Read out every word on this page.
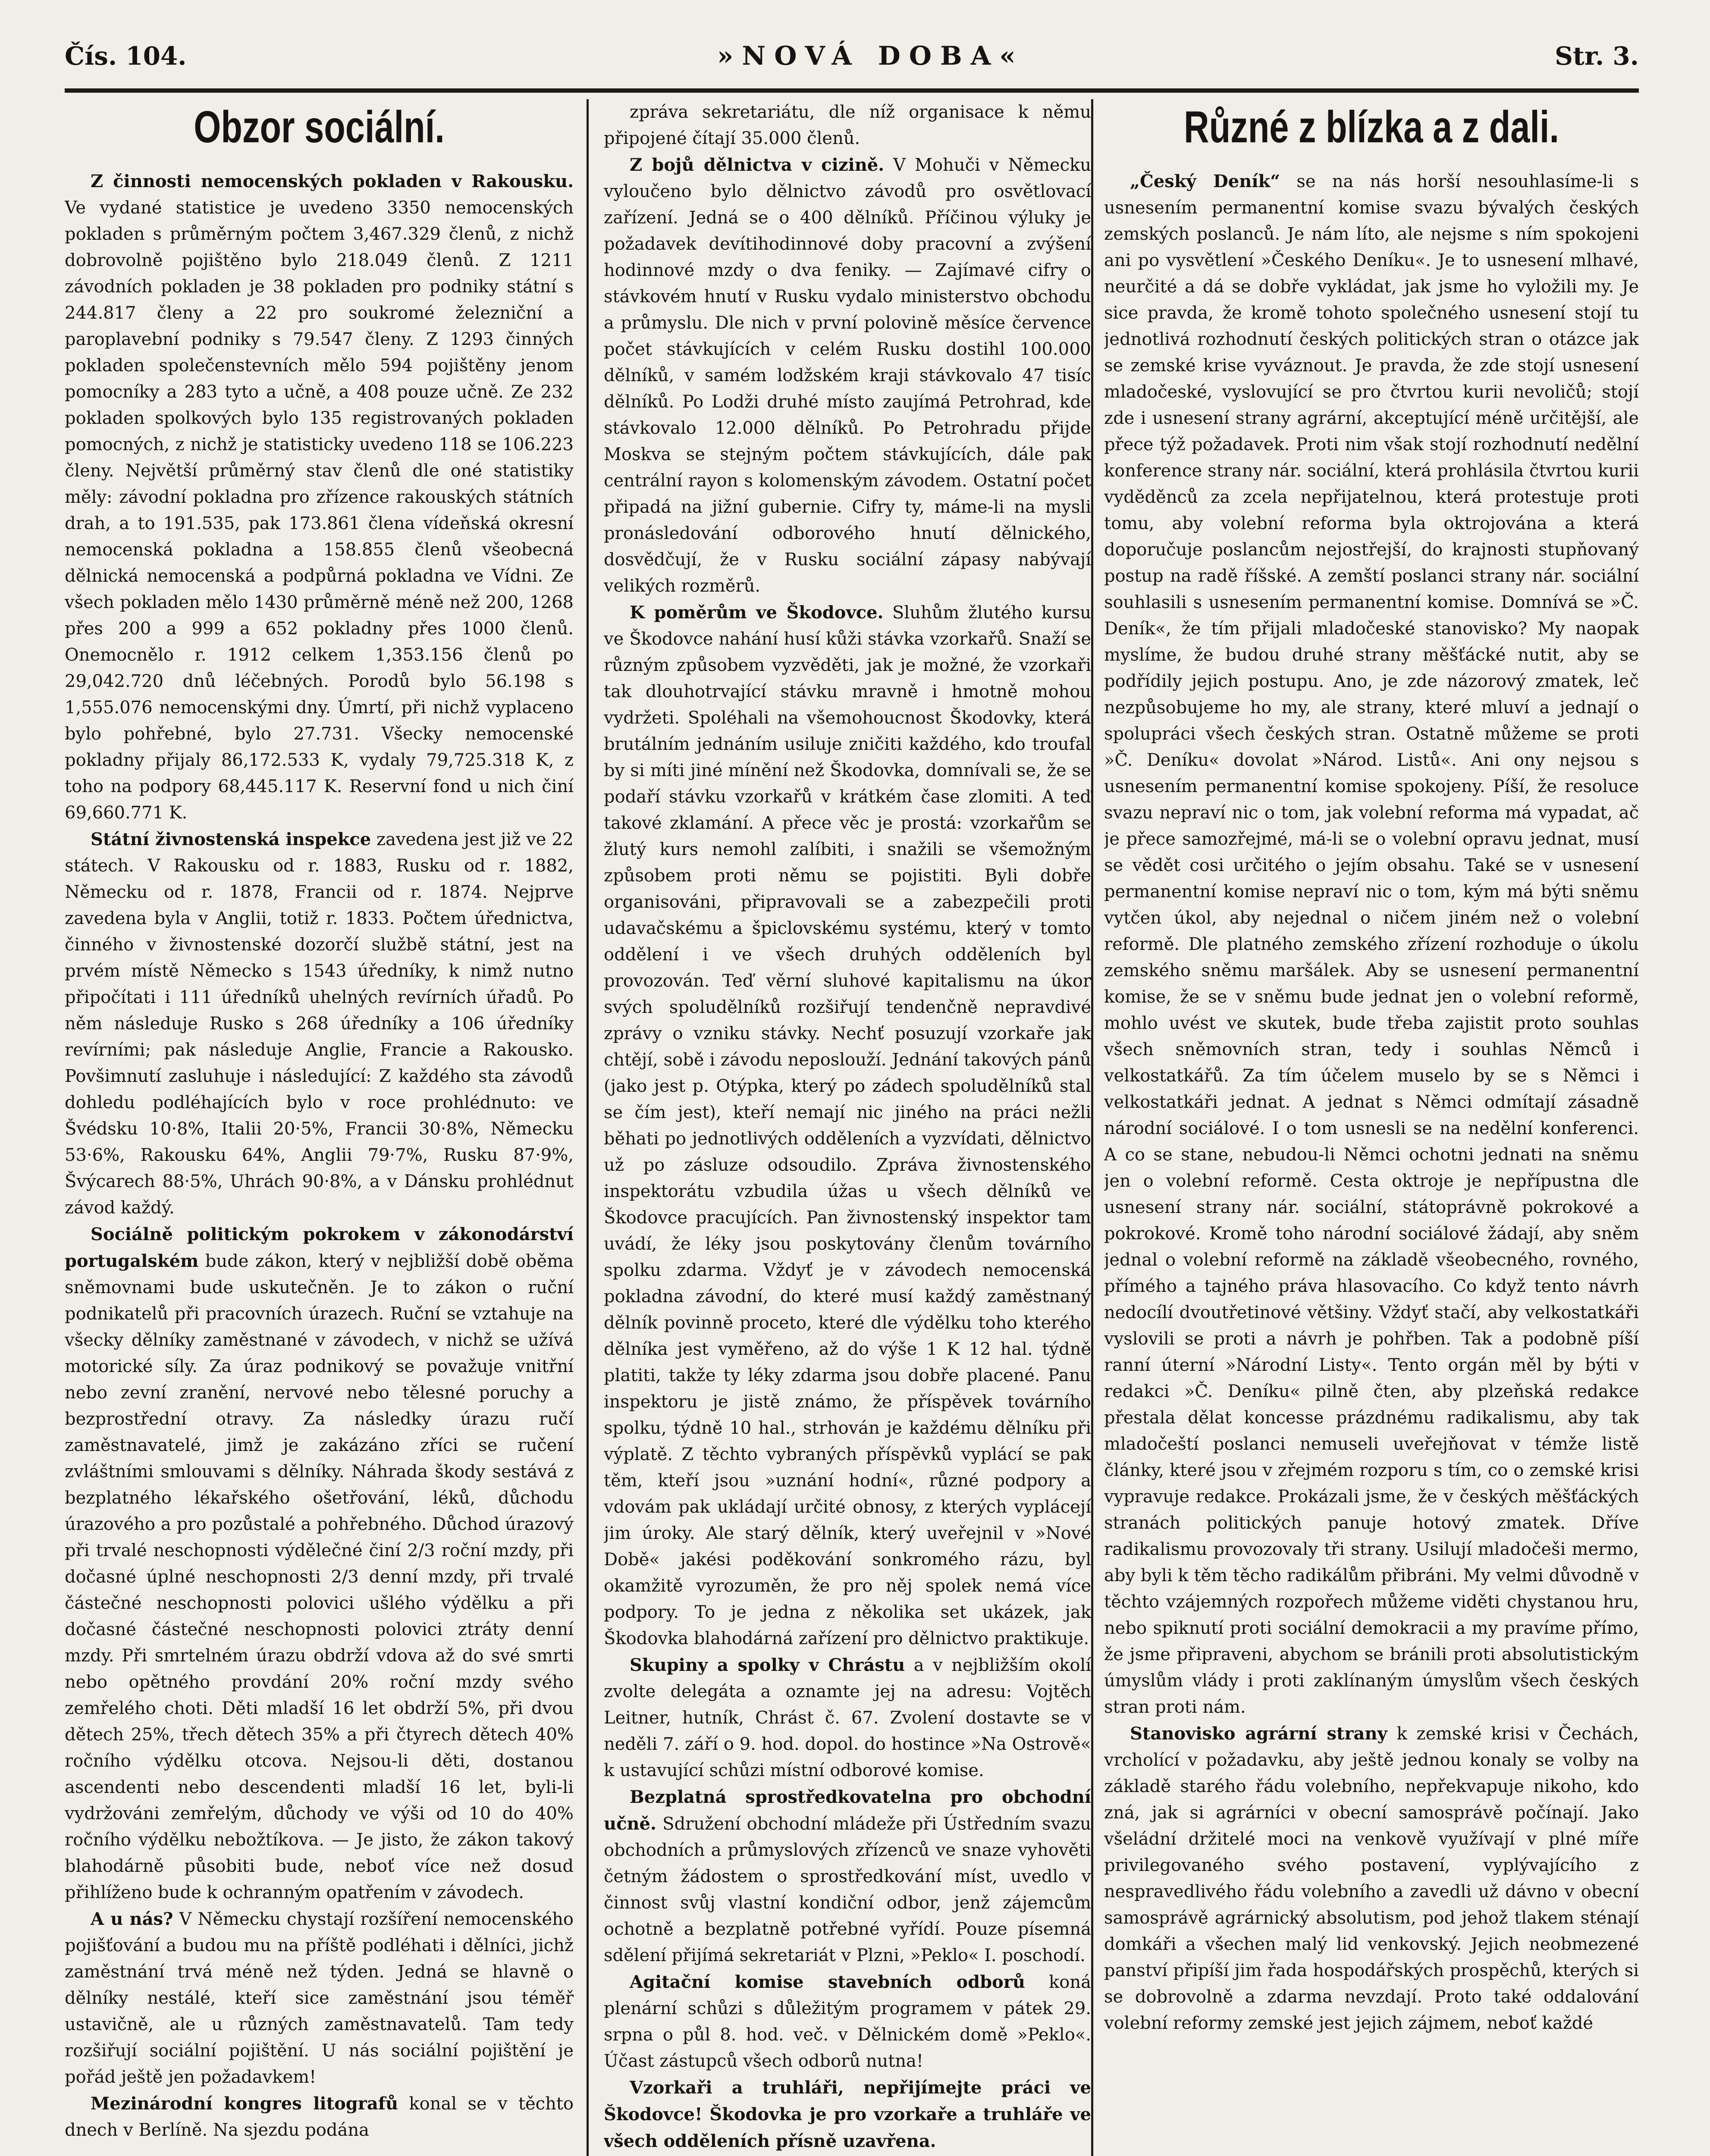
Čís. 104.	»NOVÁ DOBA«	Str. 3.
Obzor sociální.

Z činnosti nemocenských pokladen v Rakousku. Ve vydané statistice je uvedeno 3350 nemocenských pokladen s průměrným počtem 3,467.329 členů, z nichž dobrovolně pojištěno bylo 218.049 členů. Z 1211 závodních pokladen je 38 pokladen pro podniky státní s 244.817 členy a 22 pro soukromé železniční a paroplavební podniky s 79.547 členy. Z 1293 činných pokladen společenstevních mělo 594 pojištěny jenom pomocníky a 283 tyto a učně, a 408 pouze učně. Ze 232 pokladen spolkových bylo 135 registrovaných pokladen pomocných, z nichž je statisticky uvedeno 118 se 106.223 členy. Největší průměrný stav členů dle oné statistiky měly: závodní pokladna pro zřízence rakouských státních drah, a to 191.535, pak 173.861 člena vídeňská okresní nemocenská pokladna a 158.855 členů všeobecná dělnická nemocenská a podpůrná pokladna ve Vídni. Ze všech pokladen mělo 1430 průměrně méně než 200, 1268 přes 200 a 999 a 652 pokladny přes 1000 členů. Onemocnělo r. 1912 celkem 1,353.156 členů po 29,042.720 dnů léčebných. Porodů bylo 56.198 s 1,555.076 nemocenskými dny. Úmrtí, při nichž vyplaceno bylo pohřebné, bylo 27.731. Všecky nemocenské pokladny přijaly 86,172.533 K, vydaly 79,725.318 K, z toho na podpory 68,445.117 K. Reservní fond u nich činí 69,660.771 K.

Státní živnostenská inspekce zavedena jest již ve 22 státech. V Rakousku od r. 1883, Rusku od r. 1882, Německu od r. 1878, Francii od r. 1874. Nejprve zavedena byla v Anglii, totiž r. 1833. Počtem úřednictva, činného v živnostenské dozorčí službě státní, jest na prvém místě Německo s 1543 úředníky, k nimž nutno připočítati i 111 úředníků uhelných revírních úřadů. Po něm následuje Rusko s 268 úředníky a 106 úředníky revírními; pak následuje Anglie, Francie a Rakousko. Povšimnutí zasluhuje i následující: Z každého sta závodů dohledu podléhajících bylo v roce prohlédnuto: ve Švédsku 10·8%, Italii 20·5%, Francii 30·8%, Německu 53·6%, Rakousku 64%, Anglii 79·7%, Rusku 87·9%, Švýcarech 88·5%, Uhrách 90·8%, a v Dánsku prohlédnut závod každý.

Sociálně politickým pokrokem v zákonodárství portugalském bude zákon, který v nejbližší době oběma sněmovnami bude uskutečněn. Je to zákon o ruční podnikatelů při pracovních úrazech. Ruční se vztahuje na všecky dělníky zaměstnané v závodech, v nichž se užívá motorické síly. Za úraz podnikový se považuje vnitřní nebo zevní zranění, nervové nebo tělesné poruchy a bezprostřední otravy. Za následky úrazu ručí zaměstnavatelé, jimž je zakázáno zříci se ručení zvláštními smlouvami s dělníky. Náhrada škody sestává z bezplatného lékařského ošetřování, léků, důchodu úrazového a pro pozůstalé a pohřebného. Důchod úrazový při trvalé neschopnosti výdělečné činí 2/3 roční mzdy, při dočasné úplné neschopnosti 2/3 denní mzdy, při trvalé částečné neschopnosti polovici ušlého výdělku a při dočasné částečné neschopnosti polovici ztráty denní mzdy. Při smrtelném úrazu obdrží vdova až do své smrti nebo opětného provdání 20% roční mzdy svého zemřelého choti. Děti mladší 16 let obdrží 5%, při dvou dětech 25%, třech dětech 35% a při čtyrech dětech 40% ročního výdělku otcova. Nejsou-li děti, dostanou ascendenti nebo descendenti mladší 16 let, byli-li vydržováni zemřelým, důchody ve výši od 10 do 40% ročního výdělku nebožtíkova. — Je jisto, že zákon takový blahodárně působiti bude, neboť více než dosud přihlíženo bude k ochranným opatřením v závodech.

A u nás? V Německu chystají rozšíření nemocenského pojišťování a budou mu na příště podléhati i dělníci, jichž zaměstnání trvá méně než týden. Jedná se hlavně o dělníky nestálé, kteří sice zaměstnání jsou téměř ustavičně, ale u různých zaměstnavatelů. Tam tedy rozšiřují sociální pojištění. U nás sociální pojištění je pořád ještě jen požadavkem!

Mezinárodní kongres litografů konal se v těchto dnech v Berlíně. Na sjezdu podána

zpráva sekretariátu, dle níž organisace k němu připojené čítají 35.000 členů.

Z bojů dělnictva v cizině. V Mohuči v Německu vyloučeno bylo dělnictvo závodů pro osvětlovací zařízení. Jedná se o 400 dělníků. Příčinou výluky je požadavek devítihodinnové doby pracovní a zvýšení hodinnové mzdy o dva feniky. — Zajímavé cifry o stávkovém hnutí v Rusku vydalo ministerstvo obchodu a průmyslu. Dle nich v první polovině měsíce července počet stávkujících v celém Rusku dostihl 100.000 dělníků, v samém lodžském kraji stávkovalo 47 tisíc dělníků. Po Lodži druhé místo zaujímá Petrohrad, kde stávkovalo 12.000 dělníků. Po Petrohradu přijde Moskva se stejným počtem stávkujících, dále pak centrální rayon s kolomenským závodem. Ostatní počet připadá na jižní gubernie. Cifry ty, máme-li na mysli pronásledování odborového hnutí dělnického, dosvědčují, že v Rusku sociální zápasy nabývají velikých rozměrů.

K poměrům ve Škodovce. Sluhům žlutého kursu ve Škodovce nahání husí kůži stávka vzorkařů. Snaží se různým způsobem vyzvěděti, jak je možné, že vzorkaři tak dlouhotrvající stávku mravně i hmotně mohou vydržeti. Spoléhali na všemohoucnost Škodovky, která brutálním jednáním usiluje zničiti každého, kdo troufal by si míti jiné mínění než Škodovka, domnívali se, že se podaří stávku vzorkařů v krátkém čase zlomiti. A teď takové zklamání. A přece věc je prostá: vzorkařům se žlutý kurs nemohl zalíbiti, i snažili se všemožným způsobem proti němu se pojistiti. Byli dobře organisováni, připravovali se a zabezpečili proti udavačskému a špiclovskému systému, který v tomto oddělení i ve všech druhých odděleních byl provozován. Teď věrní sluhové kapitalismu na úkor svých spoludělníků rozšiřují tendenčně nepravdivé zprávy o vzniku stávky. Nechť posuzují vzorkaře jak chtějí, sobě i závodu neposlouží. Jednání takových pánů (jako jest p. Otýpka, který po zádech spoludělníků stal se čím jest), kteří nemají nic jiného na práci nežli běhati po jednotlivých odděleních a vyzvídati, dělnictvo už po zásluze odsoudilo. Zpráva živnostenského inspektorátu vzbudila úžas u všech dělníků ve Škodovce pracujících. Pan živnostenský inspektor tam uvádí, že léky jsou poskytovány členům továrního spolku zdarma. Vždyť je v závodech nemocenská pokladna závodní, do které musí každý zaměstnaný dělník povinně proceto, které dle výdělku toho kterého dělníka jest vyměřeno, až do výše 1 K 12 hal. týdně platiti, takže ty léky zdarma jsou dobře placené. Panu inspektoru je jistě známo, že příspěvek továrního spolku, týdně 10 hal., strhován je každému dělníku při výplatě. Z těchto vybraných příspěvků vyplácí se pak těm, kteří jsou »uznání hodní«, různé podpory a vdovám pak ukládají určité obnosy, z kterých vyplácejí jim úroky. Ale starý dělník, který uveřejnil v »Nové Době« jakési poděkování sonkromého rázu, byl okamžitě vyrozuměn, že pro něj spolek nemá více podpory. To je jedna z několika set ukázek, jak Škodovka blahodárná zařízení pro dělnictvo praktikuje.

Skupiny a spolky v Chrástu a v nejbližším okolí zvolte delegáta a oznamte jej na adresu: Vojtěch Leitner, hutník, Chrást č. 67. Zvolení dostavte se v neděli 7. září o 9. hod. dopol. do hostince »Na Ostrově« k ustavující schůzi místní odborové komise.

Bezplatná sprostředkovatelna pro obchodní učně. Sdružení obchodní mládeže při Ústředním svazu obchodních a průmyslových zřízenců ve snaze vyhověti četným žádostem o sprostředkování míst, uvedlo v činnost svůj vlastní kondiční odbor, jenž zájemcům ochotně a bezplatně potřebné vyřídí. Pouze písemná sdělení přijímá sekretariát v Plzni, »Peklo« I. poschodí.

Agitační komise stavebních odborů koná plenární schůzi s důležitým programem v pátek 29. srpna o půl 8. hod. več. v Dělnickém domě »Peklo«. Účast zástupců všech odborů nutna!

Vzorkaři a truhláři, nepřijímejte práci ve Škodovce! Škodovka je pro vzorkaře a truhláře ve všech odděleních přísně uzavřena.

Různé z blízka a z dali.

„Český Deník“ se na nás horší nesouhlasíme-li s usnesením permanentní komise svazu bývalých českých zemských poslanců. Je nám líto, ale nejsme s ním spokojeni ani po vysvětlení »Českého Deníku«. Je to usnesení mlhavé, neurčité a dá se dobře vykládat, jak jsme ho vyložili my. Je sice pravda, že kromě tohoto společného usnesení stojí tu jednotlivá rozhodnutí českých politických stran o otázce jak se zemské krise vyváznout. Je pravda, že zde stojí usnesení mladočeské, vyslovující se pro čtvrtou kurii nevoličů; stojí zde i usnesení strany agrární, akceptující méně určitější, ale přece týž požadavek. Proti nim však stojí rozhodnutí nedělní konference strany nár. sociální, která prohlásila čtvrtou kurii vyděděnců za zcela nepřijatelnou, která protestuje proti tomu, aby volební reforma byla oktrojována a která doporučuje poslancům nejostřejší, do krajnosti stupňovaný postup na radě říšské. A zemští poslanci strany nár. sociální souhlasili s usnesením permanentní komise. Domnívá se »Č. Deník«, že tím přijali mladočeské stanovisko? My naopak myslíme, že budou druhé strany měšťácké nutit, aby se podřídily jejich postupu. Ano, je zde názorový zmatek, leč nezpůsobujeme ho my, ale strany, které mluví a jednají o spolupráci všech českých stran. Ostatně můžeme se proti »Č. Deníku« dovolat »Národ. Listů«. Ani ony nejsou s usnesením permanentní komise spokojeny. Píší, že resoluce svazu nepraví nic o tom, jak volební reforma má vypadat, ač je přece samozřejmé, má-li se o volební opravu jednat, musí se vědět cosi určitého o jejím obsahu. Také se v usnesení permanentní komise nepraví nic o tom, kým má býti sněmu vytčen úkol, aby nejednal o ničem jiném než o volební reformě. Dle platného zemského zřízení rozhoduje o úkolu zemského sněmu maršálek. Aby se usnesení permanentní komise, že se v sněmu bude jednat jen o volební reformě, mohlo uvést ve skutek, bude třeba zajistit proto souhlas všech sněmovních stran, tedy i souhlas Němců i velkostatkářů. Za tím účelem muselo by se s Němci i velkostatkáři jednat. A jednat s Němci odmítají zásadně národní sociálové. I o tom usnesli se na nedělní konferenci. A co se stane, nebudou-li Němci ochotni jednati na sněmu jen o volební reformě. Cesta oktroje je nepřípustna dle usnesení strany nár. sociální, státoprávně pokrokové a pokrokové. Kromě toho národní sociálové žádají, aby sněm jednal o volební reformě na základě všeobecného, rovného, přímého a tajného práva hlasovacího. Co když tento návrh nedocílí dvoutřetinové většiny. Vždyť stačí, aby velkostatkáři vyslovili se proti a návrh je pohřben. Tak a podobně píší ranní úterní »Národní Listy«. Tento orgán měl by býti v redakci »Č. Deníku« pilně čten, aby plzeňská redakce přestala dělat koncesse prázdnému radikalismu, aby tak mladočeští poslanci nemuseli uveřejňovat v témže listě články, které jsou v zřejmém rozporu s tím, co o zemské krisi vypravuje redakce. Prokázali jsme, že v českých měšťáckých stranách politických panuje hotový zmatek. Dříve radikalismu provozovaly tři strany. Usilují mladočeši mermo, aby byli k těm těcho radikálům přibráni. My velmi důvodně v těchto vzájemných rozpořech můžeme viděti chystanou hru, nebo spiknutí proti sociální demokracii a my pravíme přímo, že jsme připraveni, abychom se bránili proti absolutistickým úmyslům vlády i proti zaklínaným úmyslům všech českých stran proti nám.

Stanovisko agrární strany k zemské krisi v Čechách, vrcholící v požadavku, aby ještě jednou konaly se volby na základě starého řádu volebního, nepřekvapuje nikoho, kdo zná, jak si agrárníci v obecní samosprávě počínají. Jako všeládní držitelé moci na venkově využívají v plné míře privilegovaného svého postavení, vyplývajícího z nespravedlivého řádu volebního a zavedli už dávno v obecní samosprávě agrárnický absolutism, pod jehož tlakem sténají domkáři a všechen malý lid venkovský. Jejich neobmezené panství připíší jim řada hospodářských prospěchů, kterých si se dobrovolně a zdarma nevzdají. Proto také oddalování volební reformy zemské jest jejich zájmem, neboť každé
